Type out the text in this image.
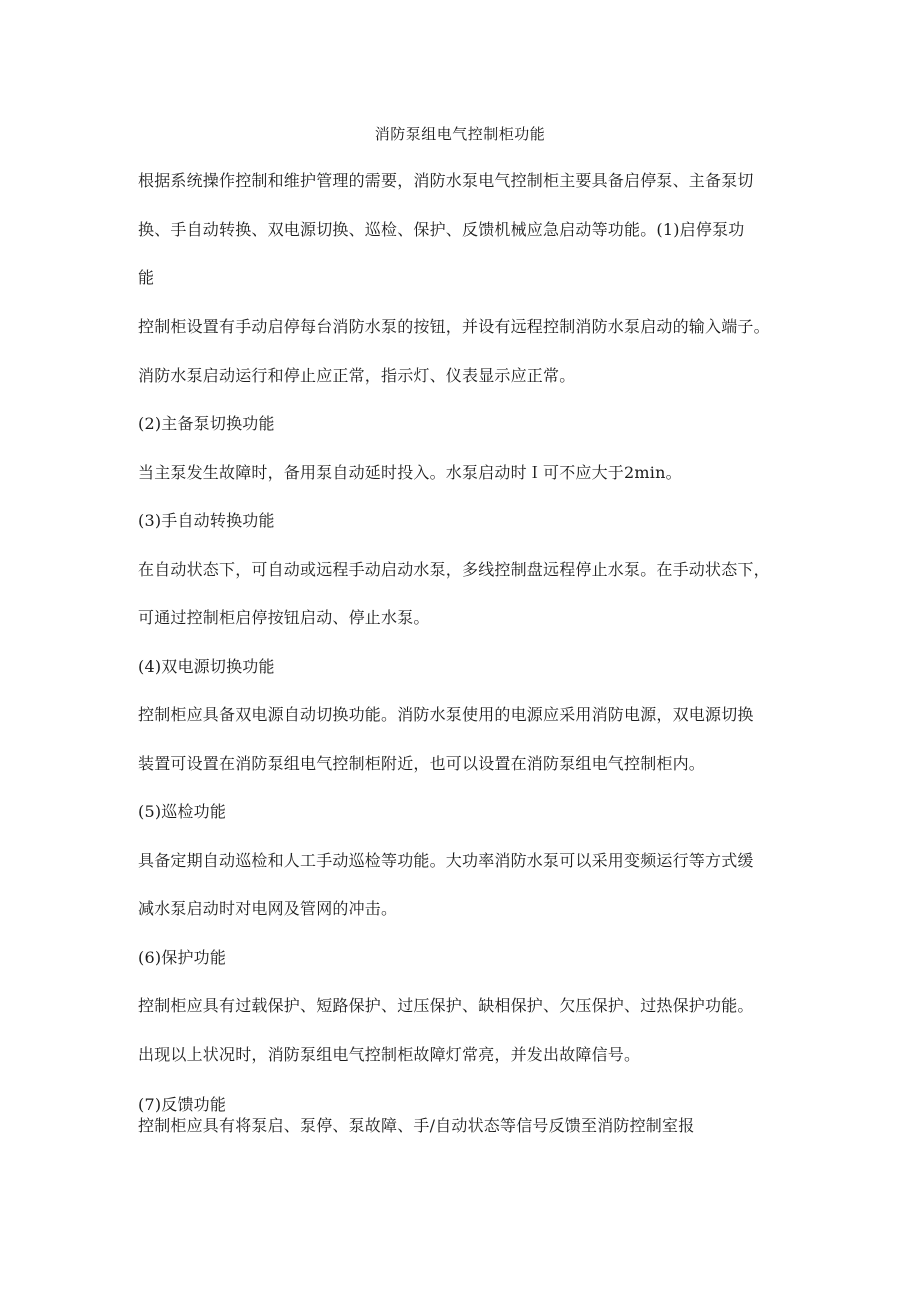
消防泵组电气控制柜功能
根据系统操作控制和维护管理的需要，消防水泵电气控制柜主要具备启停泵、主备泵切
换、手自动转换、双电源切换、巡检、保护、反馈机械应急启动等功能。(1)启停泵功
能
控制柜设置有手动启停每台消防水泵的按钮，并设有远程控制消防水泵启动的输入端子。
消防水泵启动运行和停止应正常，指示灯、仪表显示应正常。
(2)主备泵切换功能
当主泵发生故障时，备用泵自动延时投入。水泵启动时Ｉ可不应大于2min。
(3)手自动转换功能
在自动状态下，可自动或远程手动启动水泵，多线控制盘远程停止水泵。在手动状态下，
可通过控制柜启停按钮启动、停止水泵。
(4)双电源切换功能
控制柜应具备双电源自动切换功能。消防水泵使用的电源应采用消防电源，双电源切换
装置可设置在消防泵组电气控制柜附近，也可以设置在消防泵组电气控制柜内。
(5)巡检功能
具备定期自动巡检和人工手动巡检等功能。大功率消防水泵可以采用变频运行等方式缓
减水泵启动时对电网及管网的冲击。
(6)保护功能
控制柜应具有过载保护、短路保护、过压保护、缺相保护、欠压保护、过热保护功能。
出现以上状况时，消防泵组电气控制柜故障灯常亮，并发出故障信号。
(7)反馈功能
控制柜应具有将泵启、泵停、泵故障、手/自动状态等信号反馈至消防控制室报
